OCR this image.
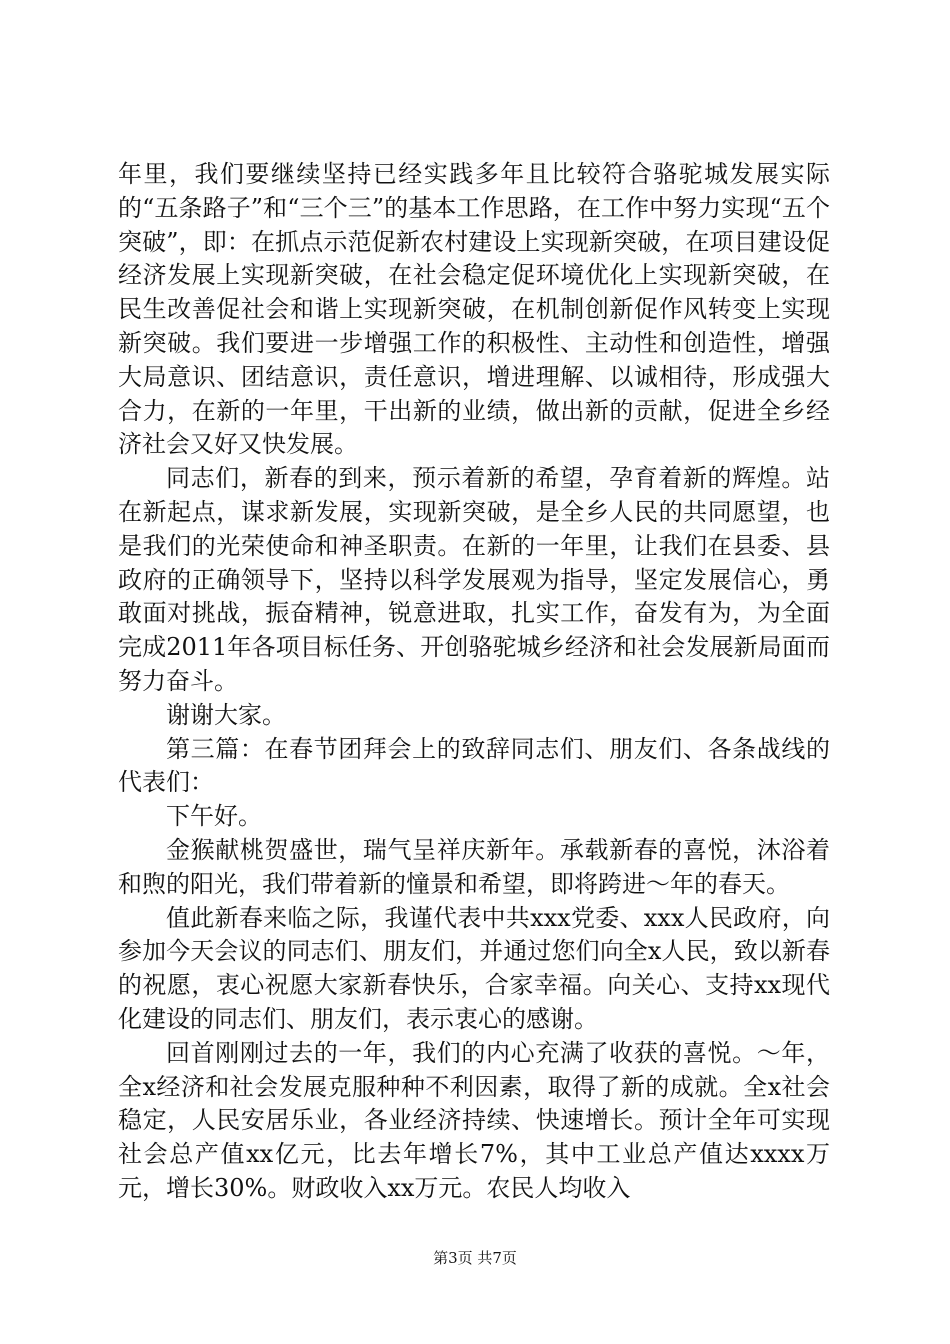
年里，我们要继续坚持已经实践多年且比较符合骆驼城发展实际的“五条路子”和“三个三”的基本工作思路，在工作中努力实现“五个突破”，即：在抓点示范促新农村建设上实现新突破，在项目建设促经济发展上实现新突破，在社会稳定促环境优化上实现新突破，在民生改善促社会和谐上实现新突破，在机制创新促作风转变上实现新突破。我们要进一步增强工作的积极性、主动性和创造性，增强大局意识、团结意识，责任意识，增进理解、以诚相待，形成强大合力，在新的一年里，干出新的业绩，做出新的贡献，促进全乡经济社会又好又快发展。

同志们，新春的到来，预示着新的希望，孕育着新的辉煌。站在新起点，谋求新发展，实现新突破，是全乡人民的共同愿望，也是我们的光荣使命和神圣职责。在新的一年里，让我们在县委、县政府的正确领导下，坚持以科学发展观为指导，坚定发展信心，勇敢面对挑战，振奋精神，锐意进取，扎实工作，奋发有为，为全面完成2011年各项目标任务、开创骆驼城乡经济和社会发展新局面而努力奋斗。

谢谢大家。

第三篇：在春节团拜会上的致辞同志们、朋友们、各条战线的代表们：

下午好。

金猴献桃贺盛世，瑞气呈祥庆新年。承载新春的喜悦，沐浴着和煦的阳光，我们带着新的憧景和希望，即将跨进～年的春天。

值此新春来临之际，我谨代表中共xxx党委、xxx人民政府，向参加今天会议的同志们、朋友们，并通过您们向全x人民，致以新春的祝愿，衷心祝愿大家新春快乐，合家幸福。向关心、支持xx现代化建设的同志们、朋友们，表示衷心的感谢。

回首刚刚过去的一年，我们的内心充满了收获的喜悦。～年，全x经济和社会发展克服种种不利因素，取得了新的成就。全x社会稳定，人民安居乐业，各业经济持续、快速增长。预计全年可实现社会总产值xx亿元，比去年增长7%，其中工业总产值达xxxx万元，增长30%。财政收入xx万元。农民人均收入

第3页 共7页
